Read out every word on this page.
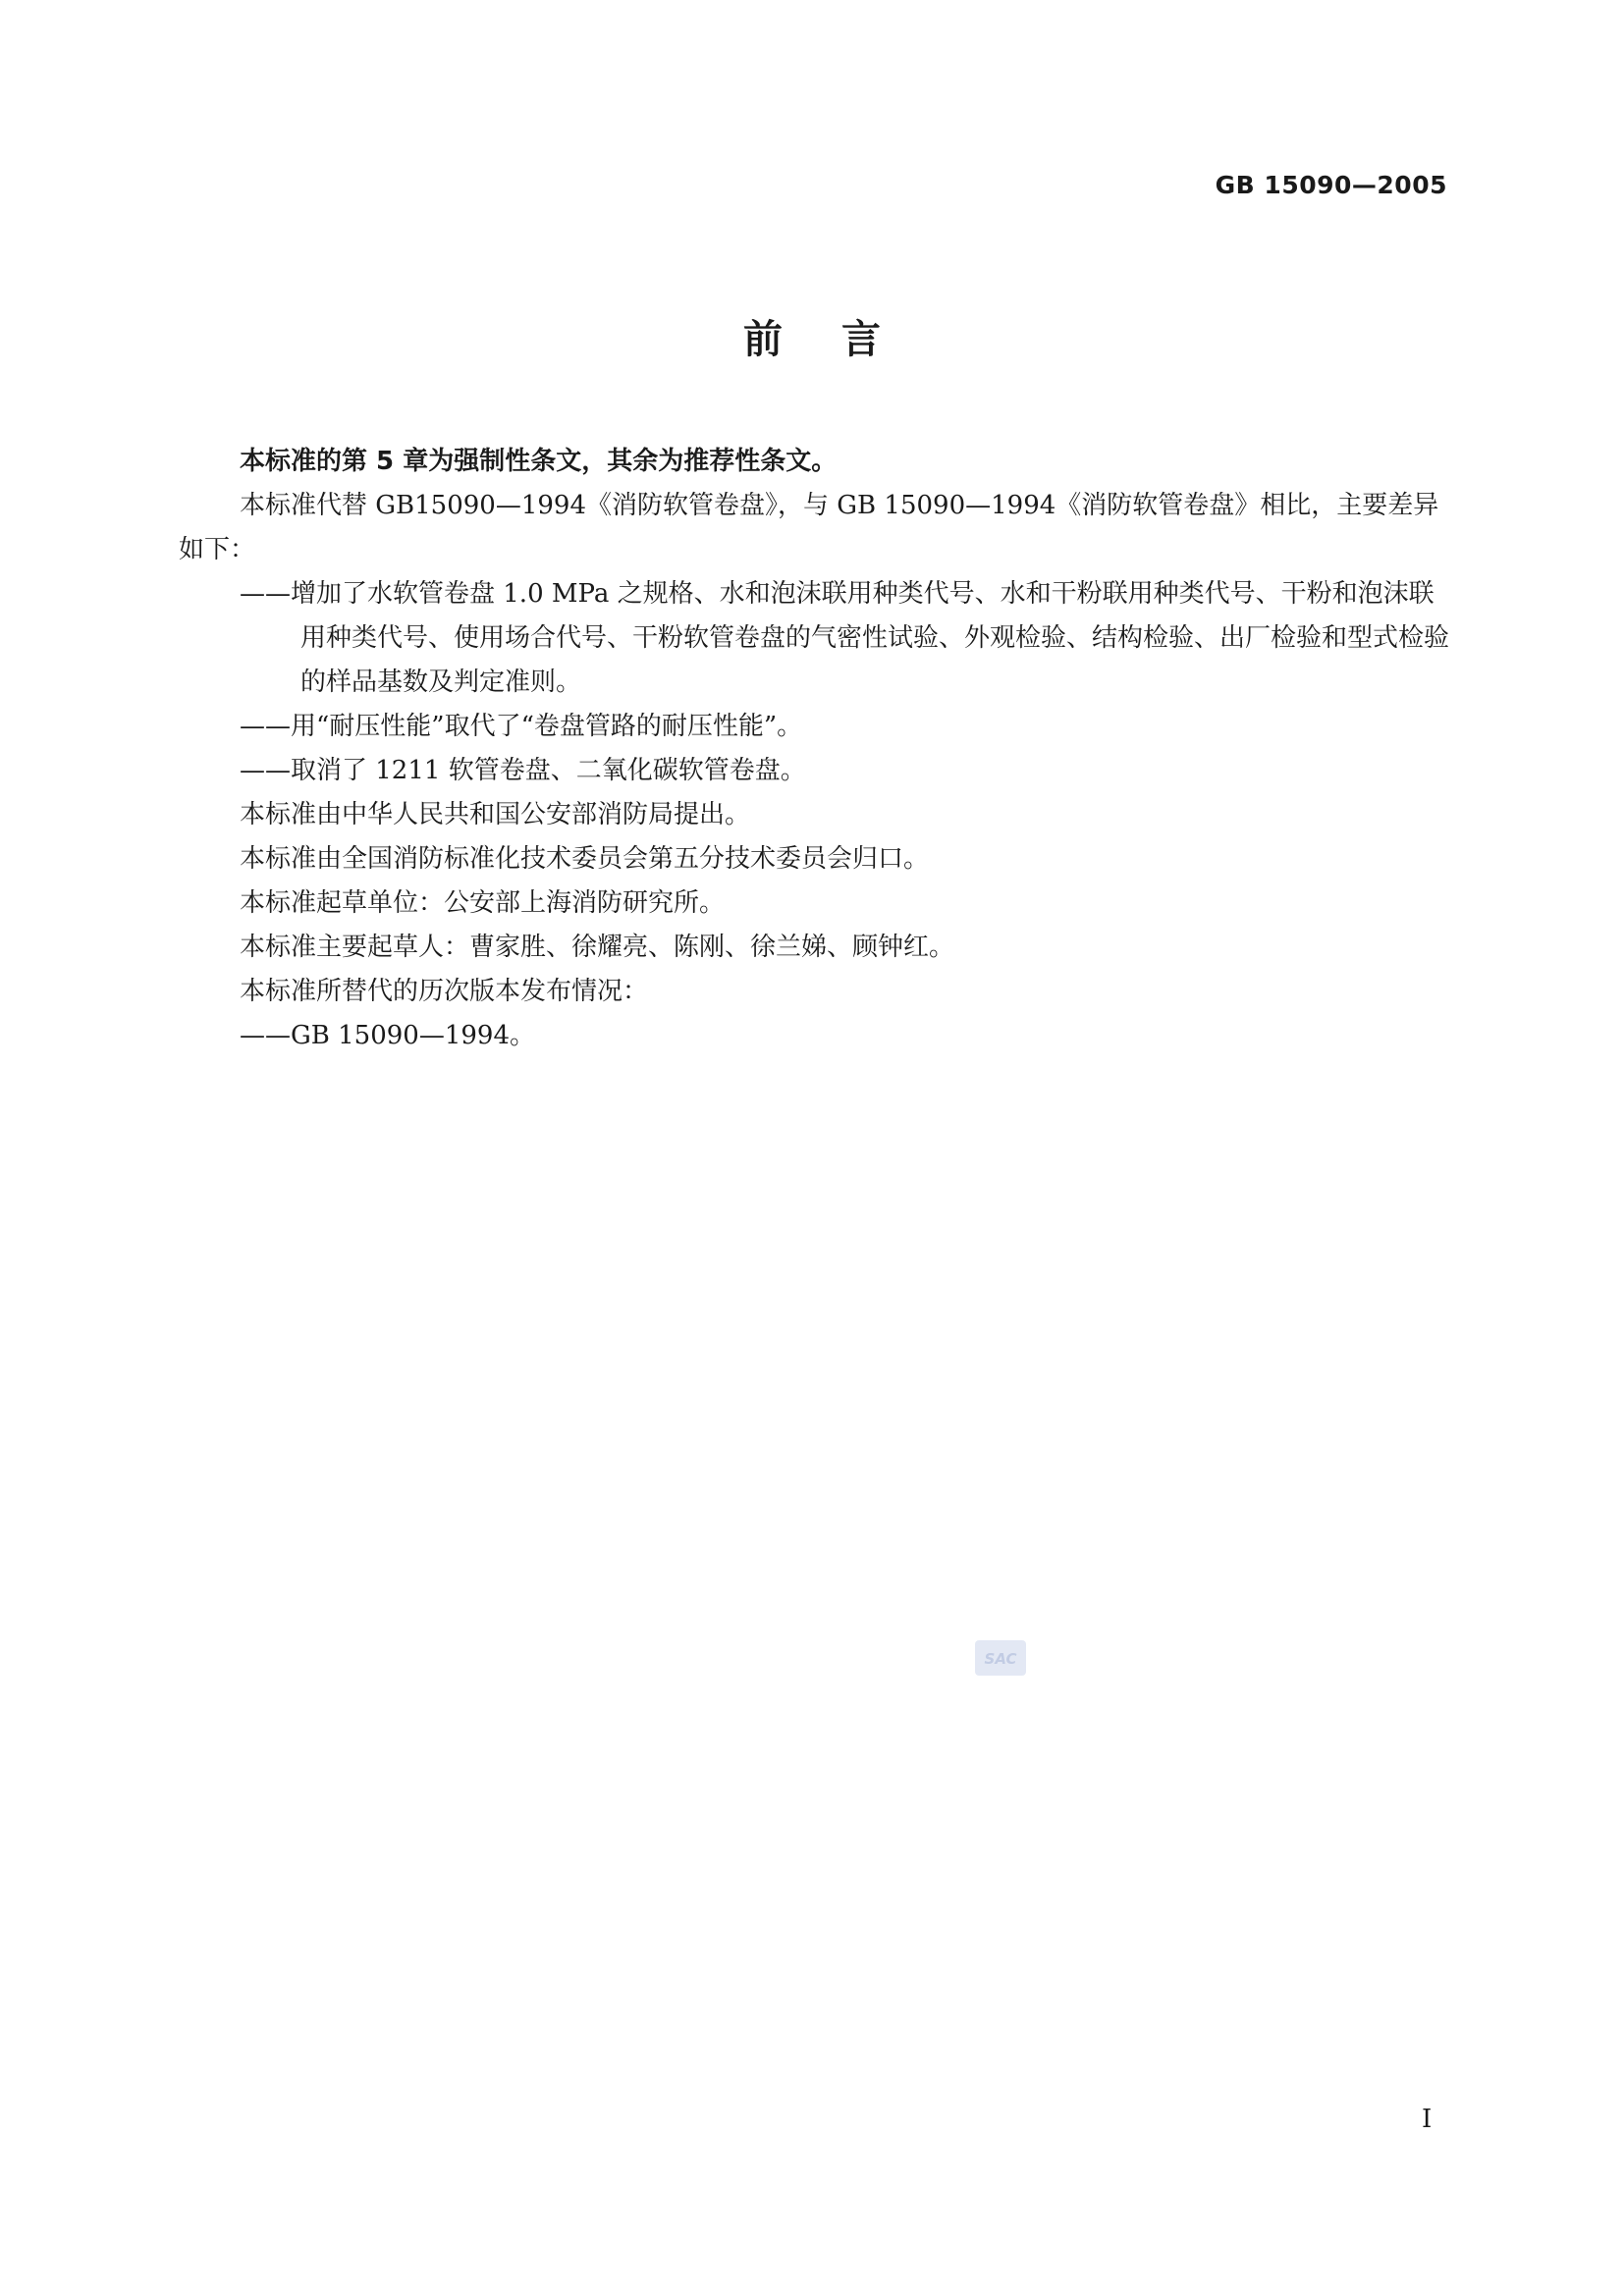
GB 15090—2005
前言

本标准的第 5 章为强制性条文，其余为推荐性条文。

本标准代替 GB15090—1994《消防软管卷盘》，与 GB 15090—1994《消防软管卷盘》相比，主要差异如下：

——增加了水软管卷盘 1.0 MPa 之规格、水和泡沫联用种类代号、水和干粉联用种类代号、干粉和泡沫联用种类代号、使用场合代号、干粉软管卷盘的气密性试验、外观检验、结构检验、出厂检验和型式检验的样品基数及判定准则。

——用“耐压性能”取代了“卷盘管路的耐压性能”。

——取消了 1211 软管卷盘、二氧化碳软管卷盘。

本标准由中华人民共和国公安部消防局提出。

本标准由全国消防标准化技术委员会第五分技术委员会归口。

本标准起草单位：公安部上海消防研究所。

本标准主要起草人：曹家胜、徐耀亮、陈刚、徐兰娣、顾钟红。

本标准所替代的历次版本发布情况：

——GB 15090—1994。

SAC
I
